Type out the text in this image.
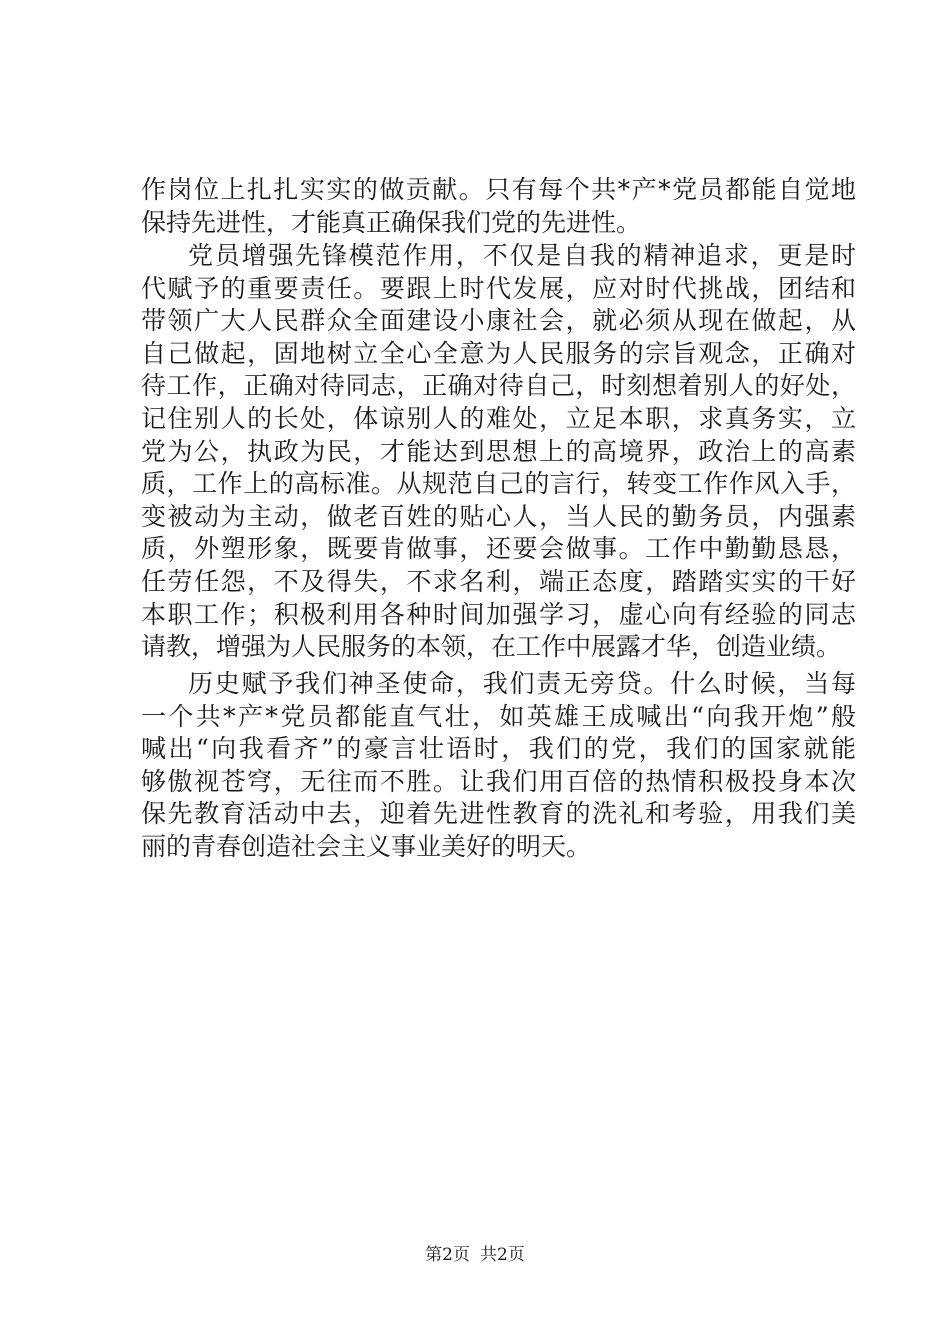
作岗位上扎扎实实的做贡献。只有每个共*产*党员都能自觉地
保持先进性，才能真正确保我们党的先进性。
党员增强先锋模范作用，不仅是自我的精神追求，更是时
代赋予的重要责任。要跟上时代发展，应对时代挑战，团结和
带领广大人民群众全面建设小康社会，就必须从现在做起，从
自己做起，固地树立全心全意为人民服务的宗旨观念，正确对
待工作，正确对待同志，正确对待自己，时刻想着别人的好处，
记住别人的长处，体谅别人的难处，立足本职，求真务实，立
党为公，执政为民，才能达到思想上的高境界，政治上的高素
质，工作上的高标准。从规范自己的言行，转变工作作风入手，
变被动为主动，做老百姓的贴心人，当人民的勤务员，内强素
质，外塑形象，既要肯做事，还要会做事。工作中勤勤恳恳，
任劳任怨，不及得失，不求名利，端正态度，踏踏实实的干好
本职工作；积极利用各种时间加强学习，虚心向有经验的同志
请教，增强为人民服务的本领，在工作中展露才华，创造业绩。
历史赋予我们神圣使命，我们责无旁贷。什么时候，当每
一个共*产*党员都能直气壮，如英雄王成喊出“向我开炮”般
喊出“向我看齐”的豪言壮语时，我们的党，我们的国家就能
够傲视苍穹，无往而不胜。让我们用百倍的热情积极投身本次
保先教育活动中去，迎着先进性教育的洗礼和考验，用我们美
丽的青春创造社会主义事业美好的明天。
第2页 共2页
